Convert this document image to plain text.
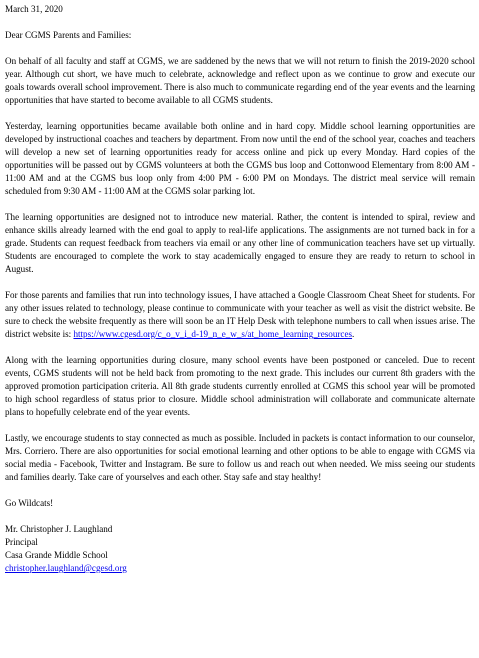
March 31, 2020
Dear CGMS Parents and Families:

On behalf of all faculty and staff at CGMS, we are saddened by the news that we will not return to finish the 2019-2020 school year. Although cut short, we have much to celebrate, acknowledge and reflect upon as we continue to grow and execute our goals towards overall school improvement. There is also much to communicate regarding end of the year events and the learning opportunities that have started to become available to all CGMS students.

Yesterday, learning opportunities became available both online and in hard copy. Middle school learning opportunities are developed by instructional coaches and teachers by department. From now until the end of the school year, coaches and teachers will develop a new set of learning opportunities ready for access online and pick up every Monday. Hard copies of the opportunities will be passed out by CGMS volunteers at both the CGMS bus loop and Cottonwood Elementary from 8:00 AM - 11:00 AM and at the CGMS bus loop only from 4:00 PM - 6:00 PM on Mondays. The district meal service will remain scheduled from 9:30 AM - 11:00 AM at the CGMS solar parking lot.

The learning opportunities are designed not to introduce new material. Rather, the content is intended to spiral, review and enhance skills already learned with the end goal to apply to real-life applications. The assignments are not turned back in for a grade. Students can request feedback from teachers via email or any other line of communication teachers have set up virtually. Students are encouraged to complete the work to stay academically engaged to ensure they are ready to return to school in August.

For those parents and families that run into technology issues, I have attached a Google Classroom Cheat Sheet for students. For any other issues related to technology, please continue to communicate with your teacher as well as visit the district website. Be sure to check the website frequently as there will soon be an IT Help Desk with telephone numbers to call when issues arise. The district website is: https://www.cgesd.org/c_o_v_i_d-19_n_e_w_s/at_home_learning_resources.

Along with the learning opportunities during closure, many school events have been postponed or canceled. Due to recent events, CGMS students will not be held back from promoting to the next grade. This includes our current 8th graders with the approved promotion participation criteria. All 8th grade students currently enrolled at CGMS this school year will be promoted to high school regardless of status prior to closure. Middle school administration will collaborate and communicate alternate plans to hopefully celebrate end of the year events.

Lastly, we encourage students to stay connected as much as possible. Included in packets is contact information to our counselor, Mrs. Corriero. There are also opportunities for social emotional learning and other options to be able to engage with CGMS via social media - Facebook, Twitter and Instagram. Be sure to follow us and reach out when needed. We miss seeing our students and families dearly. Take care of yourselves and each other. Stay safe and stay healthy!

Go Wildcats!
Mr. Christopher J. Laughland
Principal
Casa Grande Middle School
christopher.laughland@cgesd.org
